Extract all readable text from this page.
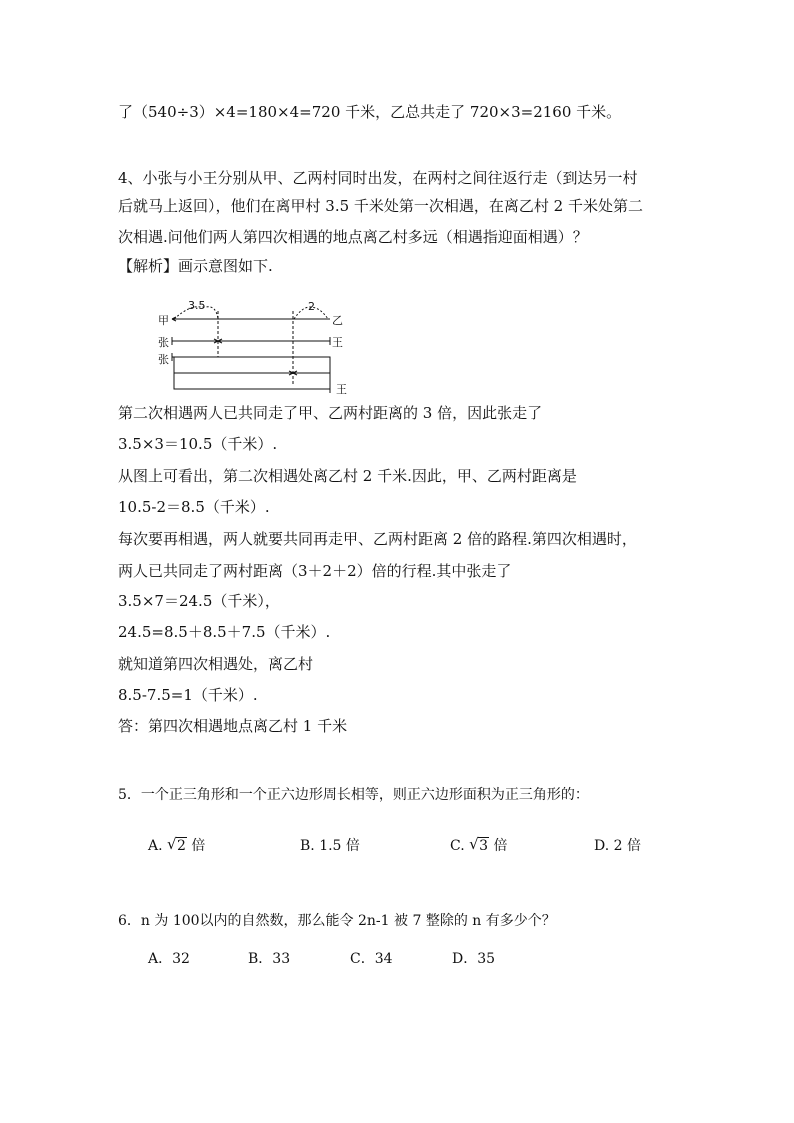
了（540÷3）×4=180×4=720 千米，乙总共走了 720×3=2160 千米。
4、小张与小王分别从甲、乙两村同时出发，在两村之间往返行走（到达另一村
后就马上返回），他们在离甲村 3.5 千米处第一次相遇，在离乙村 2 千米处第二
次相遇.问他们两人第四次相遇的地点离乙村多远（相遇指迎面相遇）？
【解析】画示意图如下.
3.5	2
甲	乙
张	王
张
王
第二次相遇两人已共同走了甲、乙两村距离的 3 倍，因此张走了
3.5×3＝10.5（千米）.
从图上可看出，第二次相遇处离乙村 2 千米.因此，甲、乙两村距离是
10.5-2＝8.5（千米）.
每次要再相遇，两人就要共同再走甲、乙两村距离 2 倍的路程.第四次相遇时，
两人已共同走了两村距离（3＋2＋2）倍的行程.其中张走了
3.5×7＝24.5（千米），
24.5=8.5＋8.5＋7.5（千米）.
就知道第四次相遇处，离乙村
8.5-7.5=1（千米）.
答：第四次相遇地点离乙村 1 千米
5．一个正三角形和一个正六边形周长相等，则正六边形面积为正三角形的：
A. √ 2 倍	B. 1.5 倍	C. √ 3 倍	D. 2 倍
6．n 为 100以内的自然数，那么能令 2n-1 被 7 整除的 n 有多少个？
A．32	B．33	C．34	D．35
